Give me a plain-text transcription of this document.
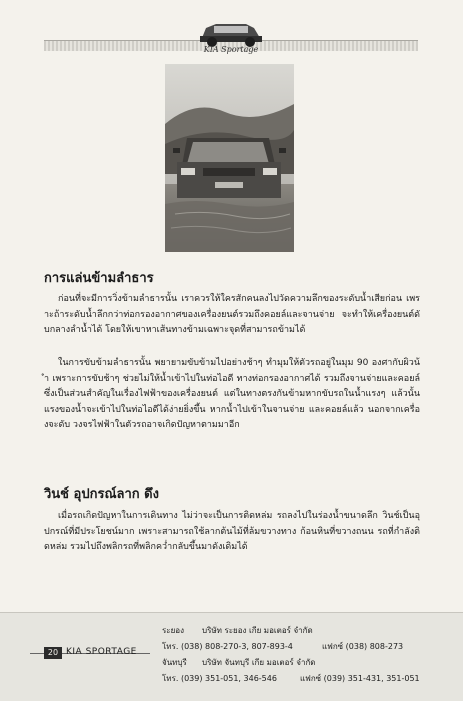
KIA Sportage
การแล่นข้ามลำธาร

ก่อนที่จะมีการวิ่งข้ามลำธารนั้น เราควรให้ใครสักคนลงไปวัดความลึกของระดับน้ำเสียก่อน เพราะถ้าระดับน้ำลึกกว่าท่อกรองอากาศของเครื่องยนต์รวมถึงคอยล์และจานจ่าย จะทำให้เครื่องยนต์ดับกลางลำน้ำได้ โดยให้เขาหาเส้นทางข้ามเฉพาะจุดที่สามารถข้ามได้

ในการขับข้ามลำธารนั้น พยายามขับข้ามไปอย่างช้าๆ ทำมุมให้ตัวรถอยู่ในมุม 90 องศากับผิวน้ำ เพราะการขับช้าๆ ช่วยไม่ให้น้ำเข้าไปในท่อไอดี ทางท่อกรองอากาศได้ รวมถึงจานจ่ายและคอยล์ซึ่งเป็นส่วนสำคัญในเรื่องไฟฟ้าของเครื่องยนต์ แต่ในทางตรงกันข้ามหากขับรถในน้ำแรงๆ แล้วนั้น แรงของน้ำจะเข้าไปในท่อไอดีได้ง่ายยิ่งขึ้น หากน้ำไปเข้าในจานจ่าย และคอยล์แล้ว นอกจากเครื่องจะดับ วงจรไฟฟ้าในตัวรถอาจเกิดปัญหาตามมาอีก

วินช์ อุปกรณ์ลาก ดึง

เมื่อรถเกิดปัญหาในการเดินทาง ไม่ว่าจะเป็นการติดหล่ม รถลงไปในร่องน้ำขนาดลึก วินช์เป็นอุปกรณ์ที่มีประโยชน์มาก เพราะสามารถใช้ลากต้นไม้ที่ล้มขวางทาง ก้อนหินที่ขวางถนน รถที่กำลังติดหล่ม รวมไปถึงพลิกรถที่พลิกคว่ำกลับขึ้นมาดังเดิมได้

20 KIA SPORTAGE
ระยอง บริษัท ระยอง เกีย มอเตอร์ จำกัด
โทร. (038) 808-270-3, 807-893-4	แฟกซ์ (038) 808-273
จันทบุรี บริษัท จันทบุรี เกีย มอเตอร์ จำกัด
โทร. (039) 351-051, 346-546	แฟกซ์ (039) 351-431, 351-051
